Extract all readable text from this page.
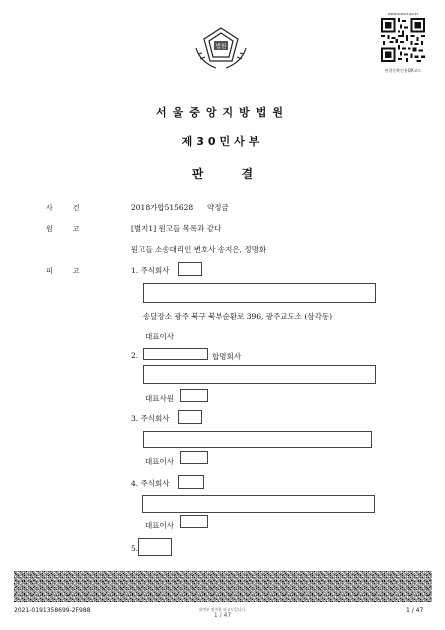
법원
www.scourt.go.kr
판결문확인용QR코드
서울중앙지방법원
제30민사부
판결
사건	2018가합515628 약정금
원고	[별지1] 원고들 목록과 같다
원고들 소송대리인 변호사 송지은, 정명화
피고	1. 주식회사
송달장소 광주 북구 북부순환로 396, 광주교도소 (삼각동)
대표이사
2.	합명회사
대표사원
3. 주식회사
대표이사
4. 주식회사
대표이사
5.
2021-0191358699-2F988	위변조 방지용 바코드입니다.
1 / 47
1 / 47
